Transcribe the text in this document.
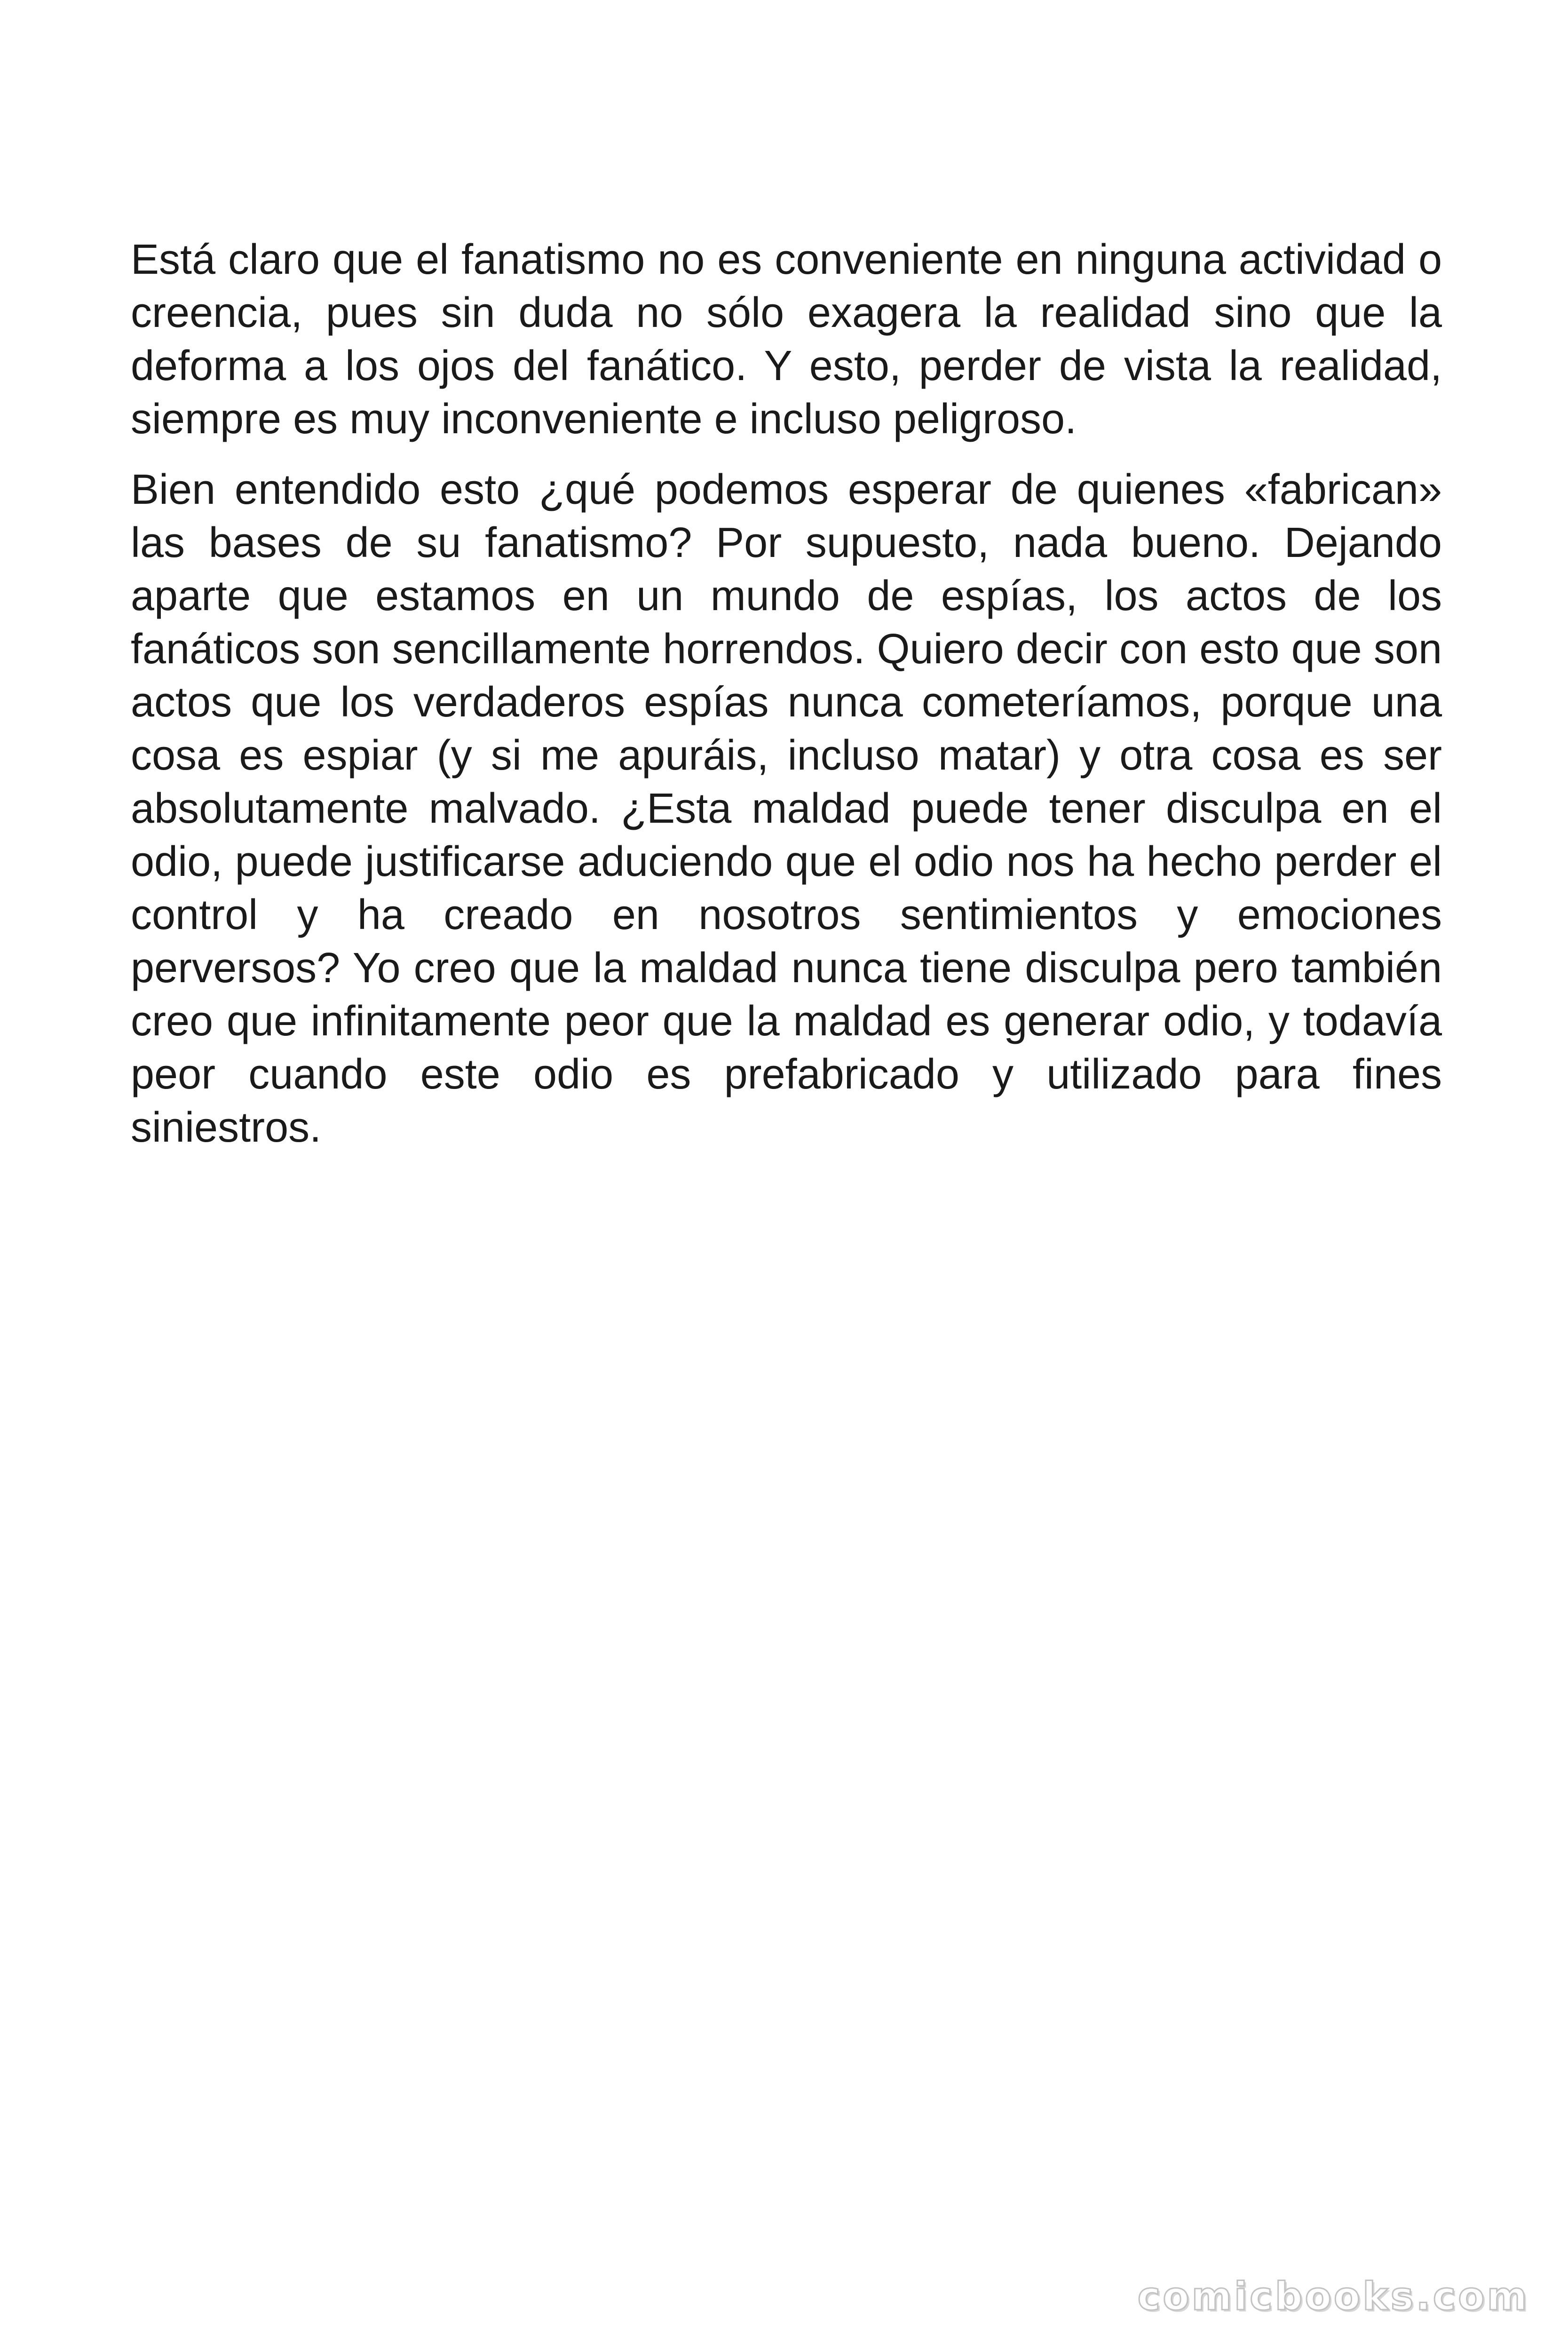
Está claro que el fanatismo no es conveniente en ninguna actividad o creencia, pues sin duda no sólo exagera la realidad sino que la deforma a los ojos del fanático. Y esto, perder de vista la realidad, siempre es muy inconveniente e incluso peligroso.

Bien entendido esto ¿qué podemos esperar de quienes «fabrican» las bases de su fanatismo? Por supuesto, nada bueno. Dejando aparte que estamos en un mundo de espías, los actos de los fanáticos son sencillamente horrendos. Quiero decir con esto que son actos que los verdaderos espías nunca cometeríamos, porque una cosa es espiar (y si me apuráis, incluso matar) y otra cosa es ser absolutamente malvado. ¿Esta maldad puede tener disculpa en el odio, puede justificarse aduciendo que el odio nos ha hecho perder el control y ha creado en nosotros sentimientos y emociones perversos? Yo creo que la maldad nunca tiene disculpa pero también creo que infinitamente peor que la maldad es generar odio, y todavía peor cuando este odio es prefabricado y utilizado para fines siniestros.

comicbooks.com
